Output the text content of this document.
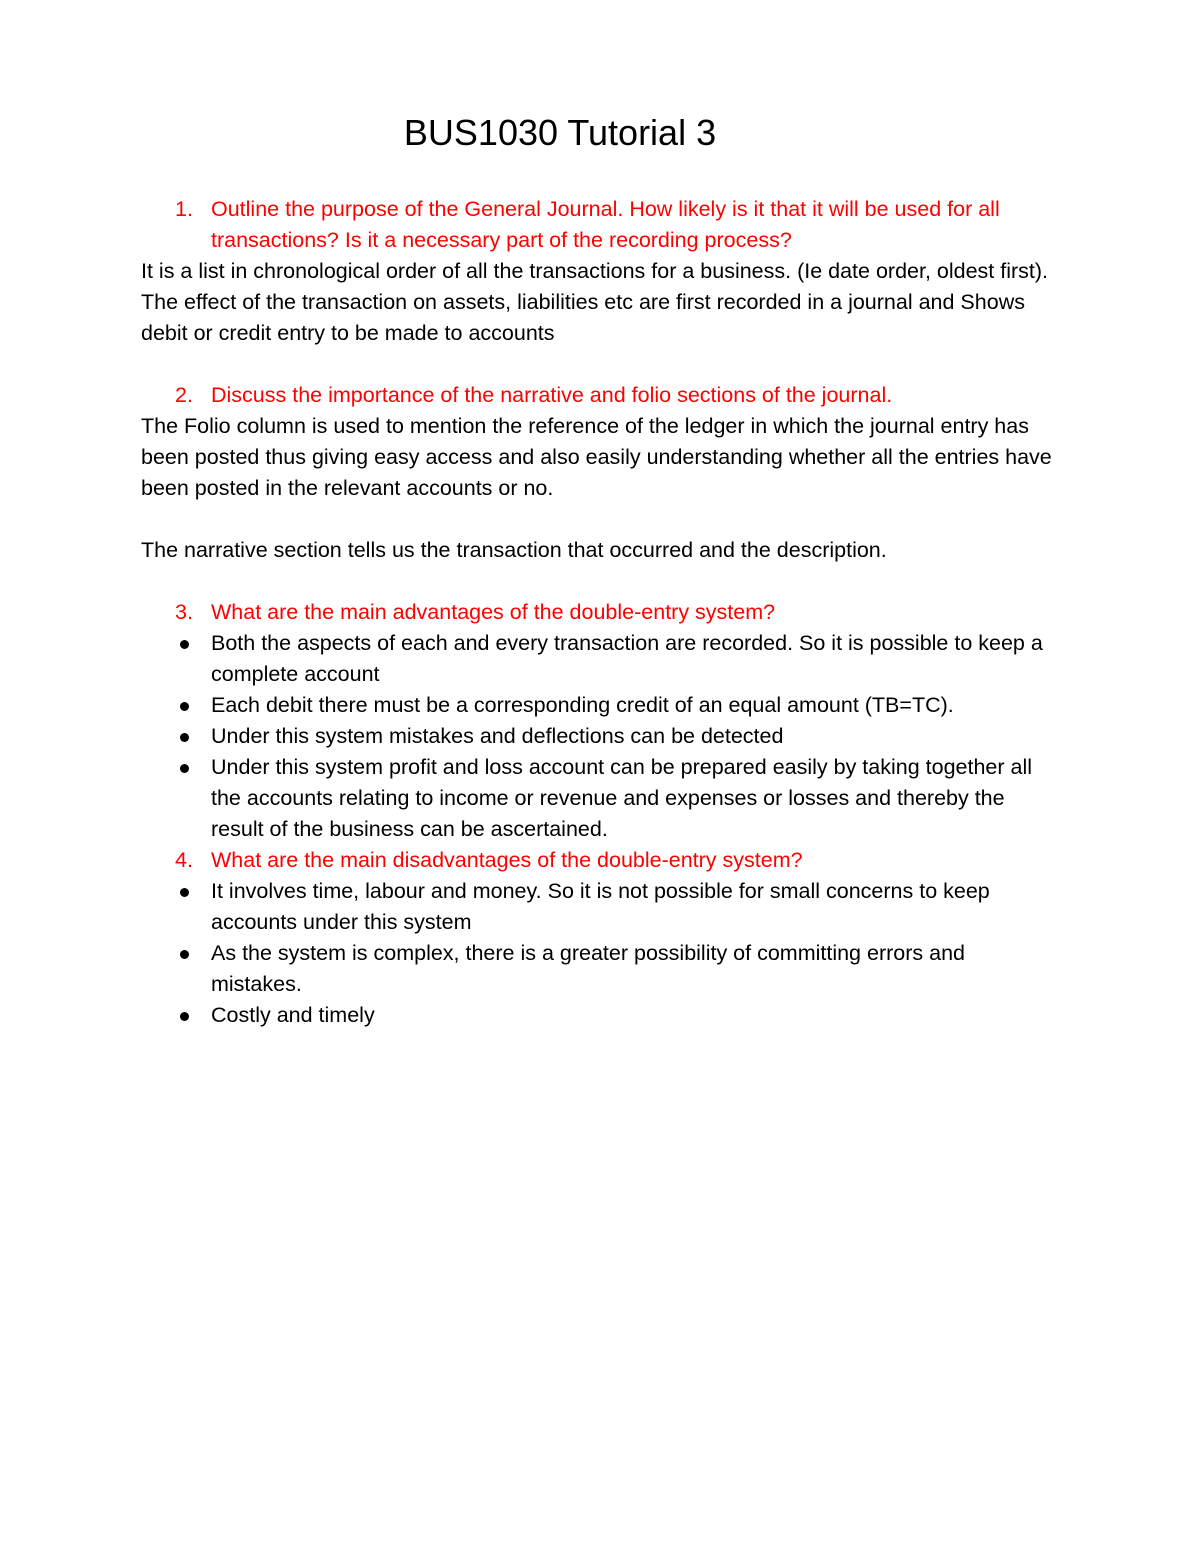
BUS1030 Tutorial 3
1. Outline the purpose of the General Journal. How likely is it that it will be used for all transactions? Is it a necessary part of the recording process?

It is a list in chronological order of all the transactions for a business. (Ie date order, oldest first). The effect of the transaction on assets, liabilities etc are first recorded in a journal and Shows debit or credit entry to be made to accounts

2. Discuss the importance of the narrative and folio sections of the journal.

The Folio column is used to mention the reference of the ledger in which the journal entry has been posted thus giving easy access and also easily understanding whether all the entries have been posted in the relevant accounts or no.

The narrative section tells us the transaction that occurred and the description.

3. What are the main advantages of the double-entry system?
Both the aspects of each and every transaction are recorded. So it is possible to keep a complete account
Each debit there must be a corresponding credit of an equal amount (TB=TC).
Under this system mistakes and deflections can be detected
Under this system profit and loss account can be prepared easily by taking together all the accounts relating to income or revenue and expenses or losses and thereby the result of the business can be ascertained.
4. What are the main disadvantages of the double-entry system?
It involves time, labour and money. So it is not possible for small concerns to keep accounts under this system
As the system is complex, there is a greater possibility of committing errors and mistakes.
Costly and timely
